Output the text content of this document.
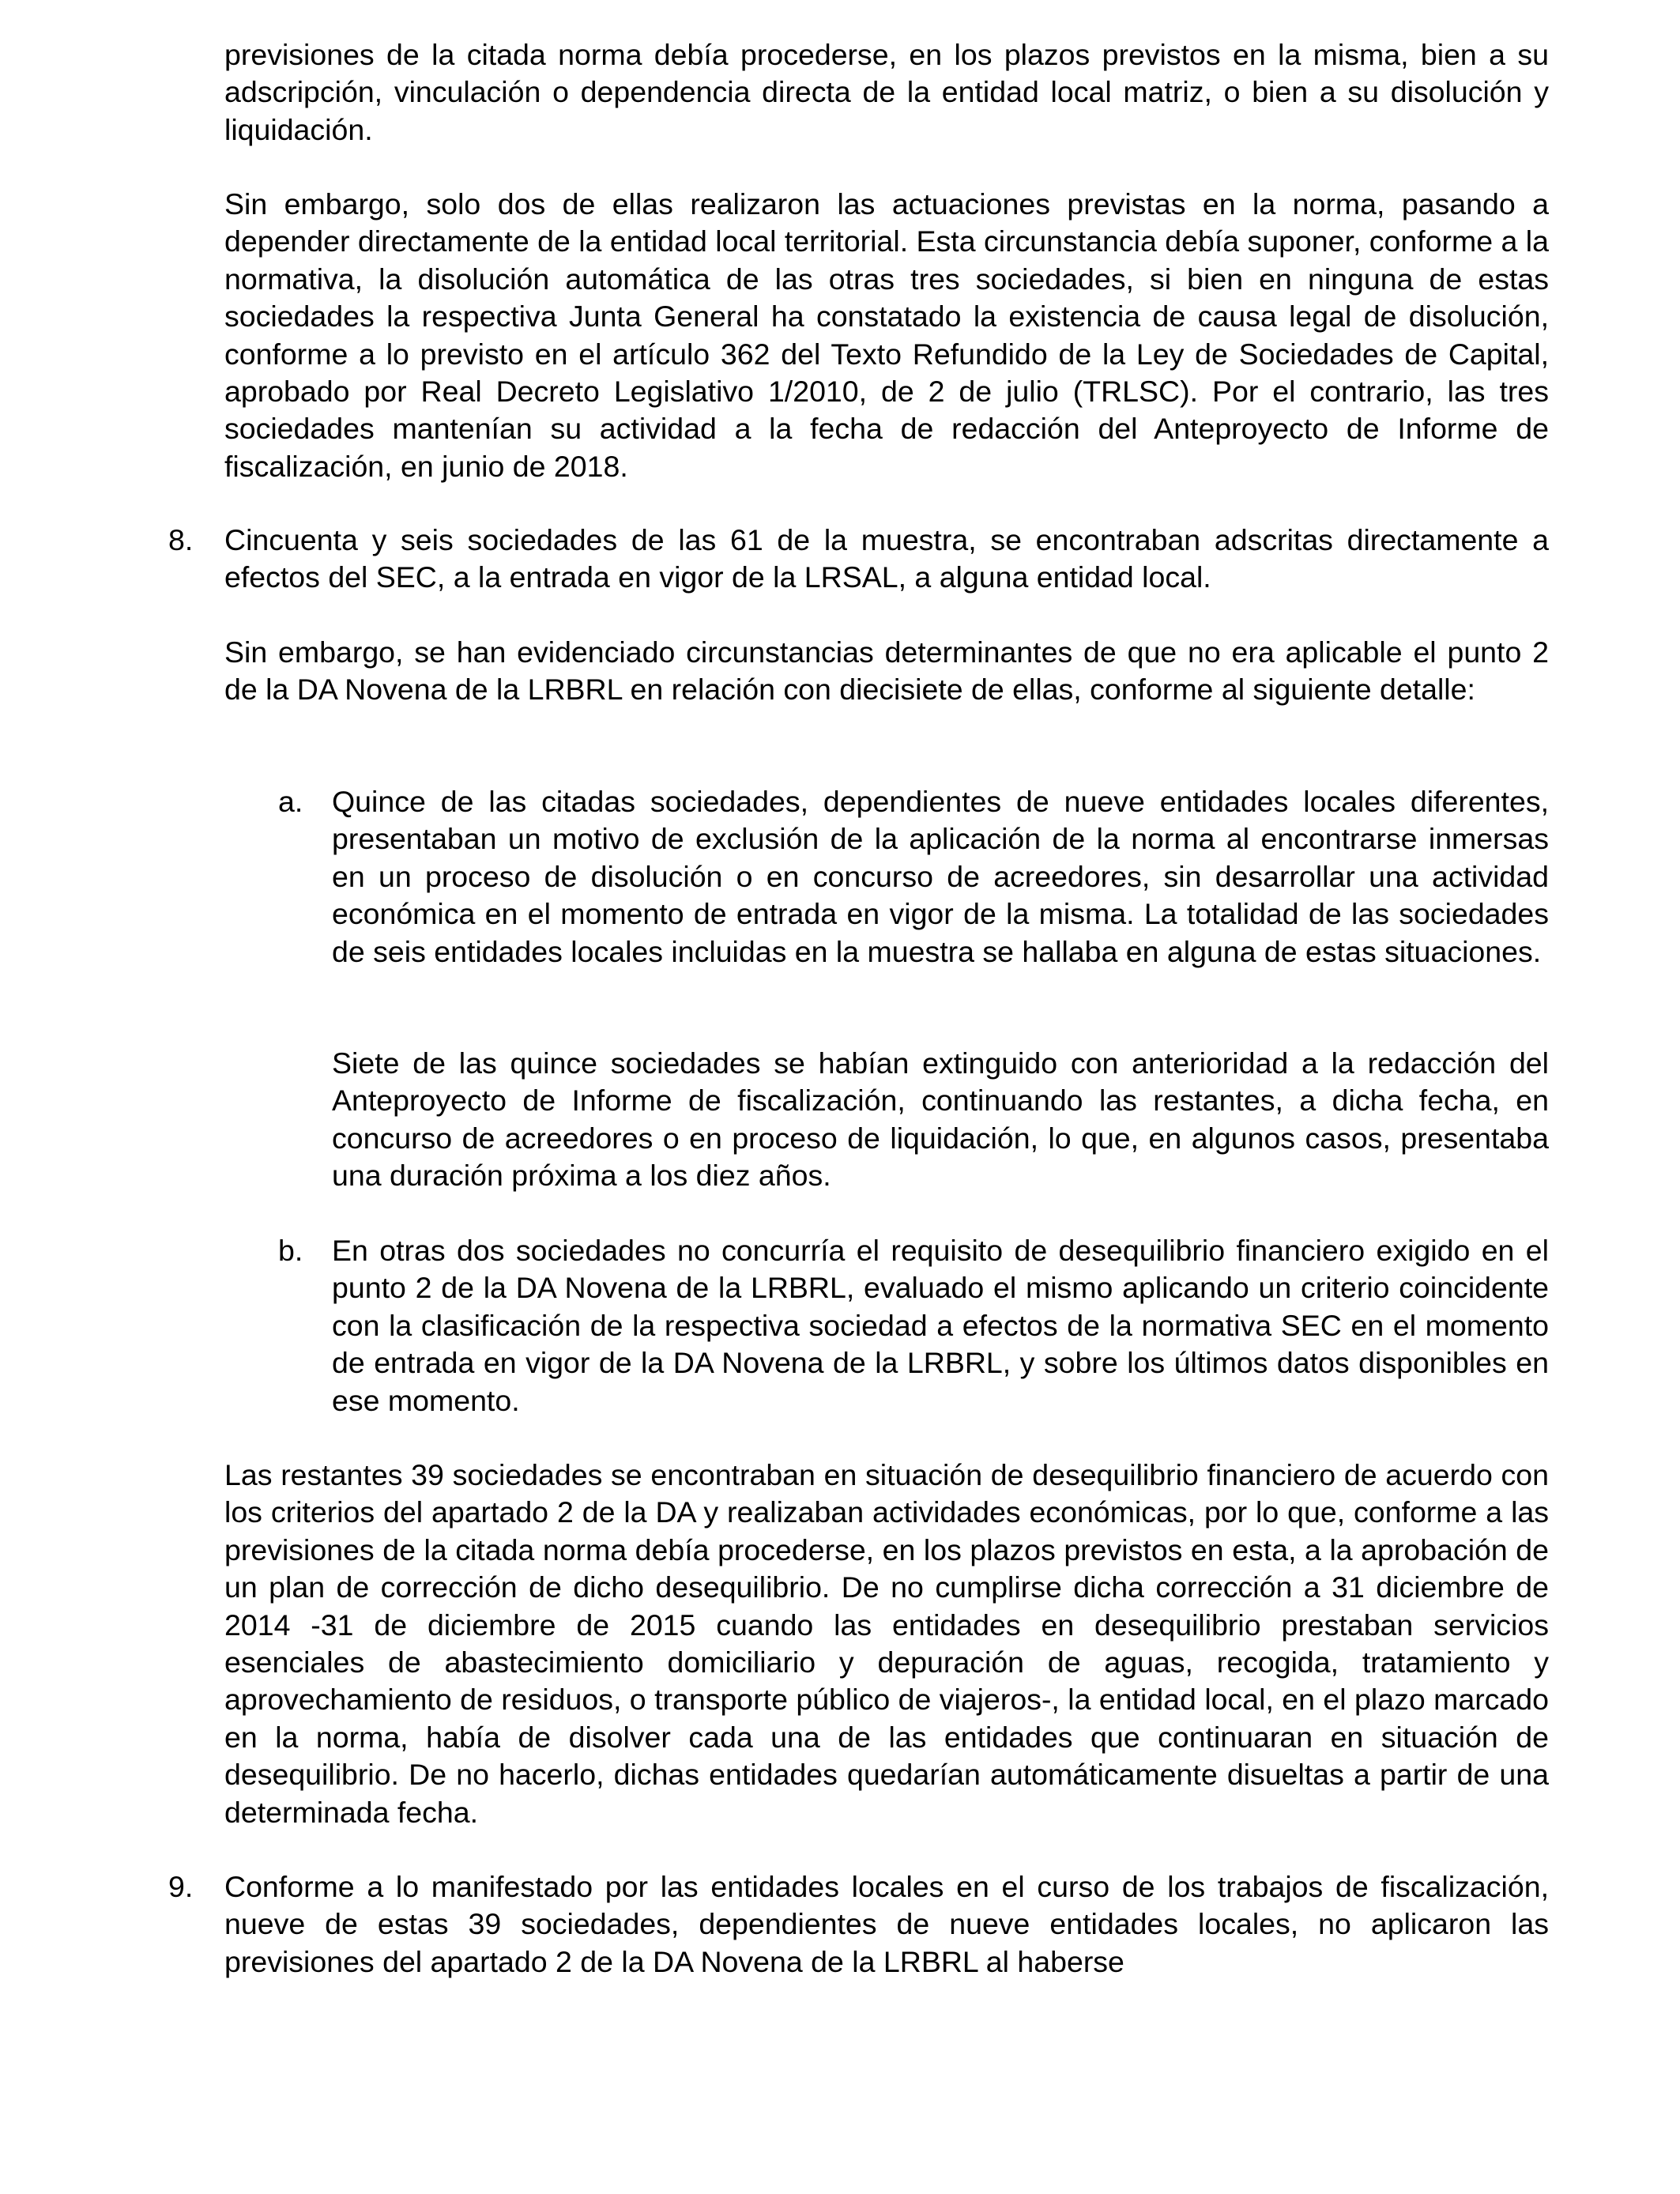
previsiones de la citada norma debía procederse, en los plazos previstos en la misma, bien a su adscripción, vinculación o dependencia directa de la entidad local matriz, o bien a su disolución y liquidación.

Sin embargo, solo dos de ellas realizaron las actuaciones previstas en la norma, pasando a depender directamente de la entidad local territorial. Esta circunstancia debía suponer, conforme a la normativa, la disolución automática de las otras tres sociedades, si bien en ninguna de estas sociedades la respectiva Junta General ha constatado la existencia de causa legal de disolución, conforme a lo previsto en el artículo 362 del Texto Refundido de la Ley de Sociedades de Capital, aprobado por Real Decreto Legislativo 1/2010, de 2 de julio (TRLSC). Por el contrario, las tres sociedades mantenían su actividad a la fecha de redacción del Anteproyecto de Informe de fiscalización, en junio de 2018.

8. Cincuenta y seis sociedades de las 61 de la muestra, se encontraban adscritas directamente a efectos del SEC, a la entrada en vigor de la LRSAL, a alguna entidad local.

Sin embargo, se han evidenciado circunstancias determinantes de que no era aplicable el punto 2 de la DA Novena de la LRBRL en relación con diecisiete de ellas, conforme al siguiente detalle:

a. Quince de las citadas sociedades, dependientes de nueve entidades locales diferentes, presentaban un motivo de exclusión de la aplicación de la norma al encontrarse inmersas en un proceso de disolución o en concurso de acreedores, sin desarrollar una actividad económica en el momento de entrada en vigor de la misma. La totalidad de las sociedades de seis entidades locales incluidas en la muestra se hallaba en alguna de estas situaciones.

Siete de las quince sociedades se habían extinguido con anterioridad a la redacción del Anteproyecto de Informe de fiscalización, continuando las restantes, a dicha fecha, en concurso de acreedores o en proceso de liquidación, lo que, en algunos casos, presentaba una duración próxima a los diez años.

b. En otras dos sociedades no concurría el requisito de desequilibrio financiero exigido en el punto 2 de la DA Novena de la LRBRL, evaluado el mismo aplicando un criterio coincidente con la clasificación de la respectiva sociedad a efectos de la normativa SEC en el momento de entrada en vigor de la DA Novena de la LRBRL, y sobre los últimos datos disponibles en ese momento.

Las restantes 39 sociedades se encontraban en situación de desequilibrio financiero de acuerdo con los criterios del apartado 2 de la DA y realizaban actividades económicas, por lo que, conforme a las previsiones de la citada norma debía procederse, en los plazos previstos en esta, a la aprobación de un plan de corrección de dicho desequilibrio. De no cumplirse dicha corrección a 31 diciembre de 2014 -31 de diciembre de 2015 cuando las entidades en desequilibrio prestaban servicios esenciales de abastecimiento domiciliario y depuración de aguas, recogida, tratamiento y aprovechamiento de residuos, o transporte público de viajeros-, la entidad local, en el plazo marcado en la norma, había de disolver cada una de las entidades que continuaran en situación de desequilibrio. De no hacerlo, dichas entidades quedarían automáticamente disueltas a partir de una determinada fecha.

9. Conforme a lo manifestado por las entidades locales en el curso de los trabajos de fiscalización, nueve de estas 39 sociedades, dependientes de nueve entidades locales, no aplicaron las previsiones del apartado 2 de la DA Novena de la LRBRL al haberse
